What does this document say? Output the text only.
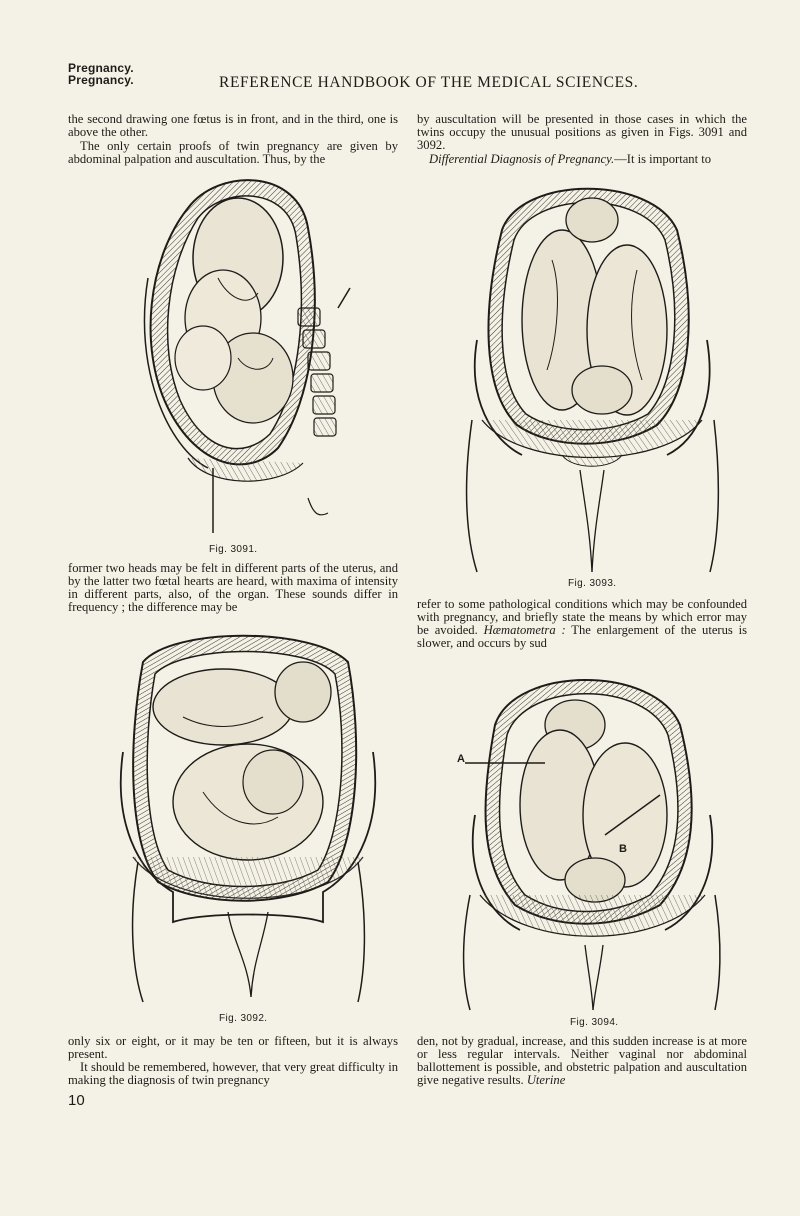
Pregnancy.
Pregnancy.	REFERENCE HANDBOOK OF THE MEDICAL SCIENCES.

the second drawing one fœtus is in front, and in the third, one is above the other.

The only certain proofs of twin pregnancy are given by abdominal palpation and auscultation. Thus, by the

Fig. 3091.

former two heads may be felt in different parts of the uterus, and by the latter two fœtal hearts are heard, with maxima of intensity in different parts, also, of the organ. These sounds differ in frequency ; the difference may be

Fig. 3092.

only six or eight, or it may be ten or fifteen, but it is always present.

It should be remembered, however, that very great difficulty in making the diagnosis of twin pregnancy

by auscultation will be presented in those cases in which the twins occupy the unusual positions as given in Figs. 3091 and 3092.

Differential Diagnosis of Pregnancy.—It is important to

Fig. 3093.

refer to some pathological conditions which may be confounded with pregnancy, and briefly state the means by which error may be avoided. Hæmatometra : The enlargement of the uterus is slower, and occurs by sud

A
B
Fig. 3094.

den, not by gradual, increase, and this sudden increase is at more or less regular intervals. Neither vaginal nor abdominal ballottement is possible, and obstetric palpation and auscultation give negative results. Uterine

10
